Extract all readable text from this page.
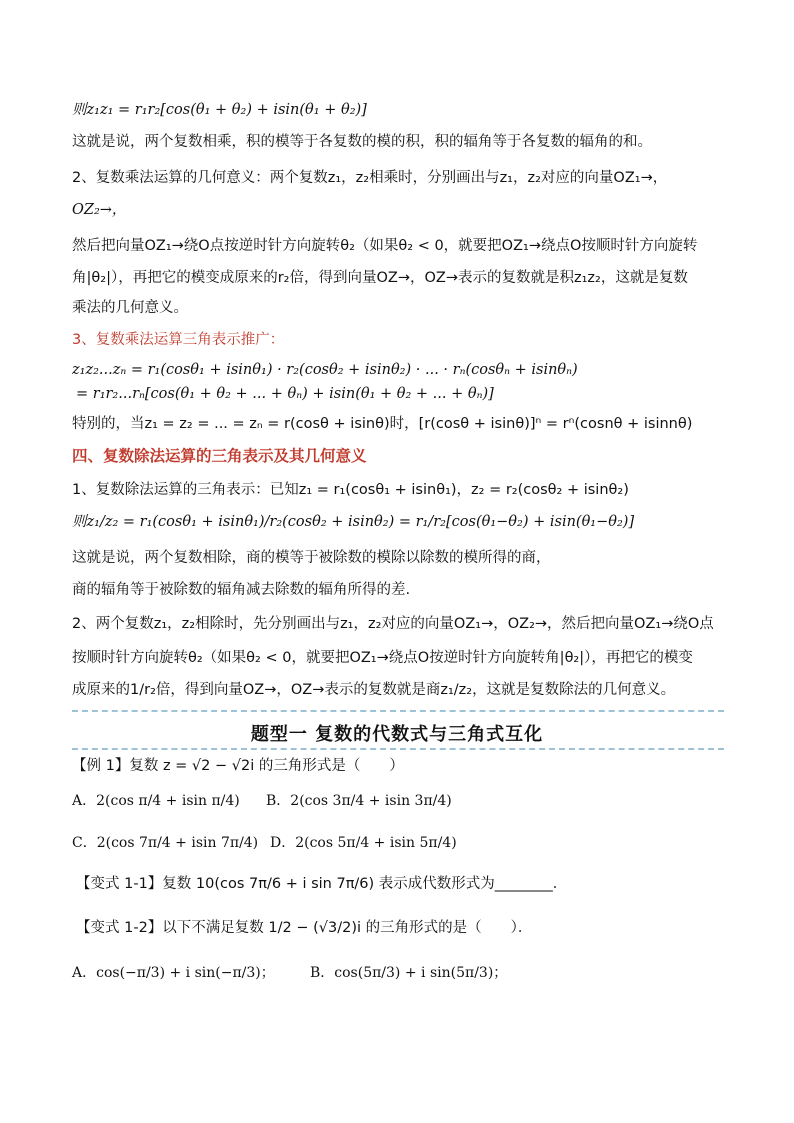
则z₁z₁ = r₁r₂[cos(θ₁ + θ₂) + isin(θ₁ + θ₂)]
这就是说，两个复数相乘，积的模等于各复数的模的积，积的辐角等于各复数的辐角的和。
2、复数乘法运算的几何意义：两个复数z₁，z₂相乘时，分别画出与z₁，z₂对应的向量OZ₁→，
OZ₂→，
然后把向量OZ₁→绕O点按逆时针方向旋转θ₂（如果θ₂ < 0，就要把OZ₁→绕点O按顺时针方向旋转
角|θ₂|），再把它的模变成原来的r₂倍，得到向量OZ→，OZ→表示的复数就是积z₁z₂，这就是复数
乘法的几何意义。
3、复数乘法运算三角表示推广：
z₁z₂...zₙ = r₁(cosθ₁ + isinθ₁) · r₂(cosθ₂ + isinθ₂) · ... · rₙ(cosθₙ + isinθₙ)
= r₁r₂...rₙ[cos(θ₁ + θ₂ + ... + θₙ) + isin(θ₁ + θ₂ + ... + θₙ)]
特别的，当z₁ = z₂ = ... = zₙ = r(cosθ + isinθ)时，[r(cosθ + isinθ)]ⁿ = rⁿ(cosnθ + isinnθ)
四、复数除法运算的三角表示及其几何意义
1、复数除法运算的三角表示：已知z₁ = r₁(cosθ₁ + isinθ₁)，z₂ = r₂(cosθ₂ + isinθ₂)
则z₁/z₂ = r₁(cosθ₁ + isinθ₁)/r₂(cosθ₂ + isinθ₂) = r₁/r₂[cos(θ₁−θ₂) + isin(θ₁−θ₂)]
这就是说，两个复数相除，商的模等于被除数的模除以除数的模所得的商，
商的辐角等于被除数的辐角减去除数的辐角所得的差.
2、两个复数z₁，z₂相除时，先分别画出与z₁，z₂对应的向量OZ₁→，OZ₂→，然后把向量OZ₁→绕O点
按顺时针方向旋转θ₂（如果θ₂ < 0，就要把OZ₁→绕点O按逆时针方向旋转角|θ₂|），再把它的模变
成原来的1/r₂倍，得到向量OZ→，OZ→表示的复数就是商z₁/z₂，这就是复数除法的几何意义。
题型一 复数的代数式与三角式互化
【例 1】复数 z = √2 − √2i 的三角形式是（　　）
A．2(cos π/4 + isin π/4) B．2(cos 3π/4 + isin 3π/4)
C．2(cos 7π/4 + isin 7π/4) D．2(cos 5π/4 + isin 5π/4)
【变式 1-1】复数 10(cos 7π/6 + i sin 7π/6) 表示成代数形式为________．
【变式 1-2】以下不满足复数 1/2 − (√3/2)i 的三角形式的是（　　）．
A．cos(−π/3) + i sin(−π/3)；	B．cos(5π/3) + i sin(5π/3)；
